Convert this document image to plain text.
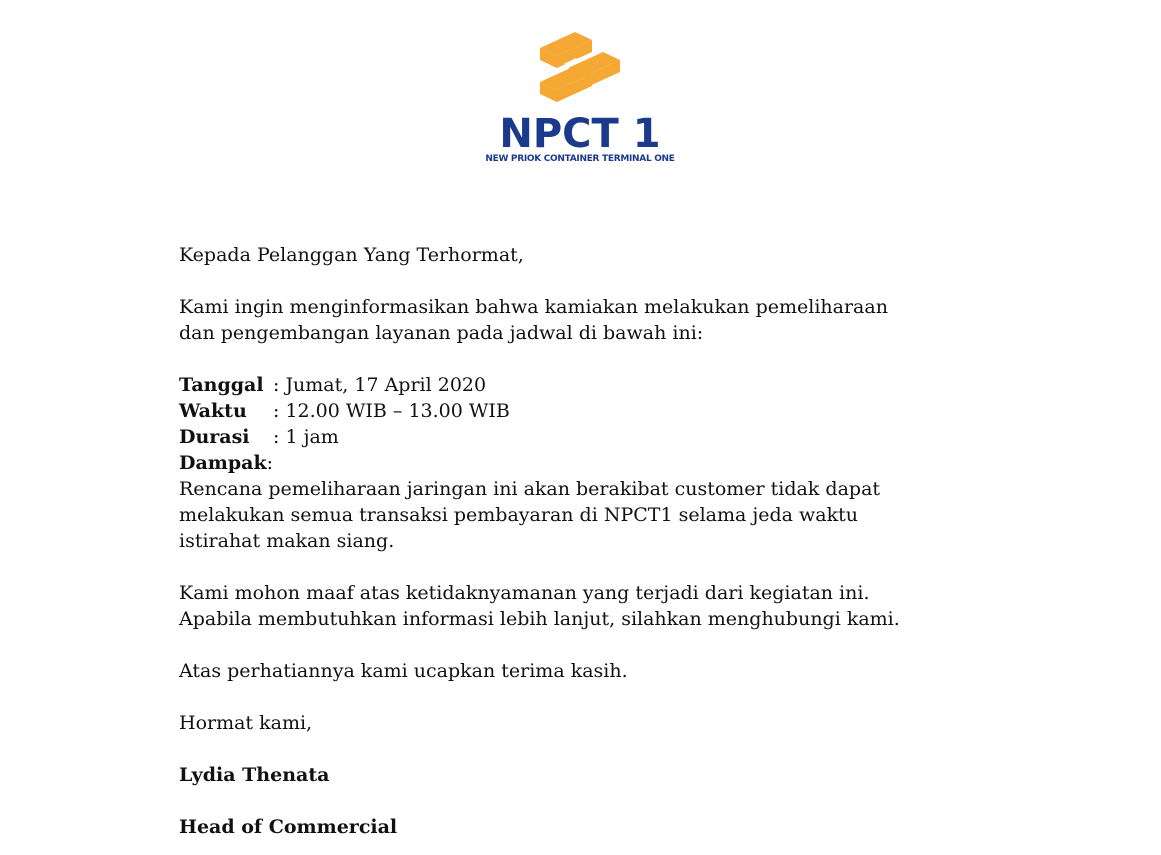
NPCT 1
NEW PRIOK CONTAINER TERMINAL ONE

Kepada Pelanggan Yang Terhormat,

Kami ingin menginformasikan bahwa kamiakan melakukan pemeliharaan

dan pengembangan layanan pada jadwal di bawah ini:

Tanggal : Jumat, 17 April 2020
Waktu	: 12.00 WIB – 13.00 WIB
Durasi	: 1 jam
Dampak :

Rencana pemeliharaan jaringan ini akan berakibat customer tidak dapat

melakukan semua transaksi pembayaran di NPCT1 selama jeda waktu

istirahat makan siang.

Kami mohon maaf atas ketidaknyamanan yang terjadi dari kegiatan ini.

Apabila membutuhkan informasi lebih lanjut, silahkan menghubungi kami.

Atas perhatiannya kami ucapkan terima kasih.

Hormat kami,

Lydia Thenata

Head of Commercial
